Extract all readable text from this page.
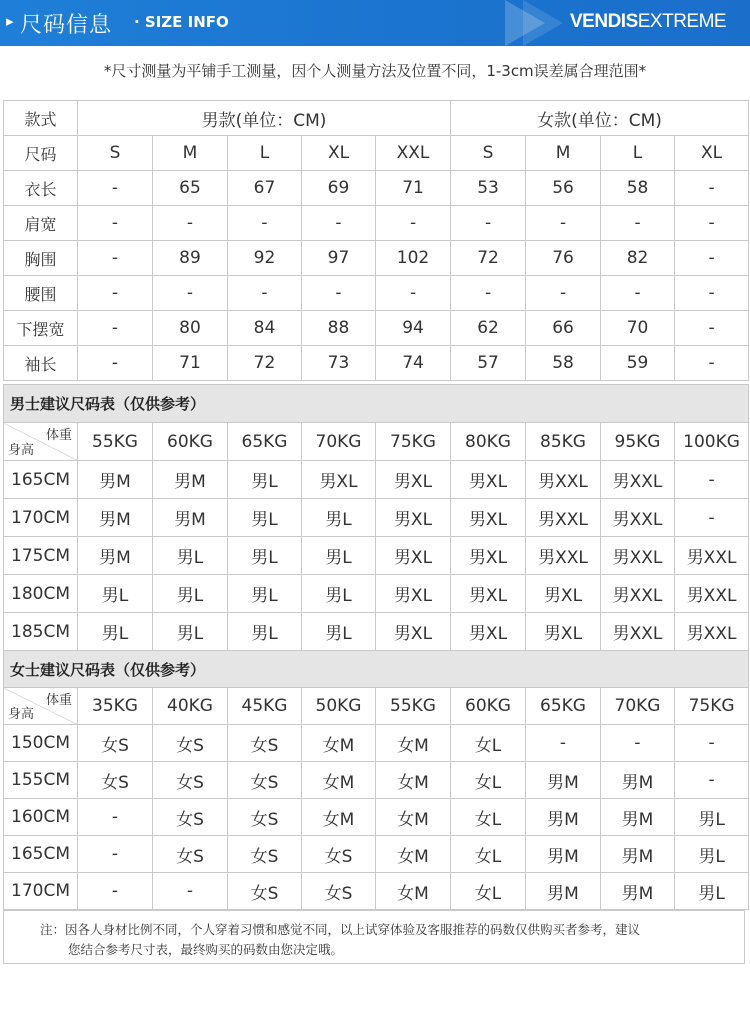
▸ 尺码信息 · SIZE INFO	VENDISEXTREME
*尺寸测量为平铺手工测量，因个人测量方法及位置不同，1-3cm误差属合理范围*
款式	男款(单位：CM)					女款(单位：CM)			
尺码	S	M	L	XL	XXL	S	M	L	XL
衣长	-	65	67	69	71	53	56	58	-
肩宽	-	-	-	-	-	-	-	-	-
胸围	-	89	92	97	102	72	76	82	-
腰围	-	-	-	-	-	-	-	-	-
下摆宽	-	80	84	88	94	62	66	70	-
袖长	-	71	72	73	74	57	58	59	-
男士建议尺码表（仅供参考）									

体重
身高	55KG	60KG	65KG	70KG	75KG	80KG	85KG	95KG	100KG
165CM	男M	男M	男L	男XL	男XL	男XL	男XXL	男XXL	-
170CM	男M	男M	男L	男L	男XL	男XL	男XXL	男XXL	-
175CM	男M	男L	男L	男L	男XL	男XL	男XXL	男XXL	男XXL
180CM	男L	男L	男L	男L	男XL	男XL	男XL	男XXL	男XXL
185CM	男L	男L	男L	男L	男XL	男XL	男XL	男XXL	男XXL
女士建议尺码表（仅供参考）									

体重
身高	35KG	40KG	45KG	50KG	55KG	60KG	65KG	70KG	75KG
150CM	女S	女S	女S	女M	女M	女L	-	-	-
155CM	女S	女S	女S	女M	女M	女L	男M	男M	-
160CM	-	女S	女S	女M	女M	女L	男M	男M	男L
165CM	-	女S	女S	女S	女M	女L	男M	男M	男L
170CM	-	-	女S	女S	女M	女L	男M	男M	男L
注：因各人身材比例不同，个人穿着习惯和感觉不同，以上试穿体验及客服推荐的码数仅供购买者参考，建议
您结合参考尺寸表，最终购买的码数由您决定哦。
